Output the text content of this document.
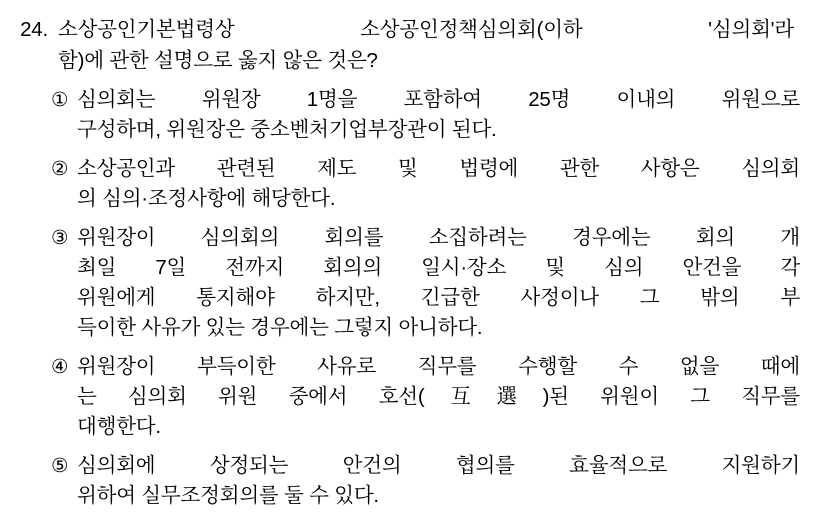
24. 소상공인기본법령상 소상공인정책심의회(이하 '심의회'라
함)에 관한 설명으로 옳지 않은 것은?
① 심의회는 위원장 1명을 포함하여 25명 이내의 위원으로
구성하며, 위원장은 중소벤처기업부장관이 된다.
② 소상공인과 관련된 제도 및 법령에 관한 사항은 심의회
의 심의·조정사항에 해당한다.
③ 위원장이 심의회의 회의를 소집하려는 경우에는 회의 개
최일 7일 전까지 회의의 일시·장소 및 심의 안건을 각
위원에게 통지해야 하지만, 긴급한 사정이나 그 밖의 부
득이한 사유가 있는 경우에는 그렇지 아니하다.
④ 위원장이 부득이한 사유로 직무를 수행할 수 없을 때에
는 심의회 위원 중에서 호선(互選)된 위원이 그 직무를
대행한다.
⑤ 심의회에 상정되는 안건의 협의를 효율적으로 지원하기
위하여 실무조정회의를 둘 수 있다.
